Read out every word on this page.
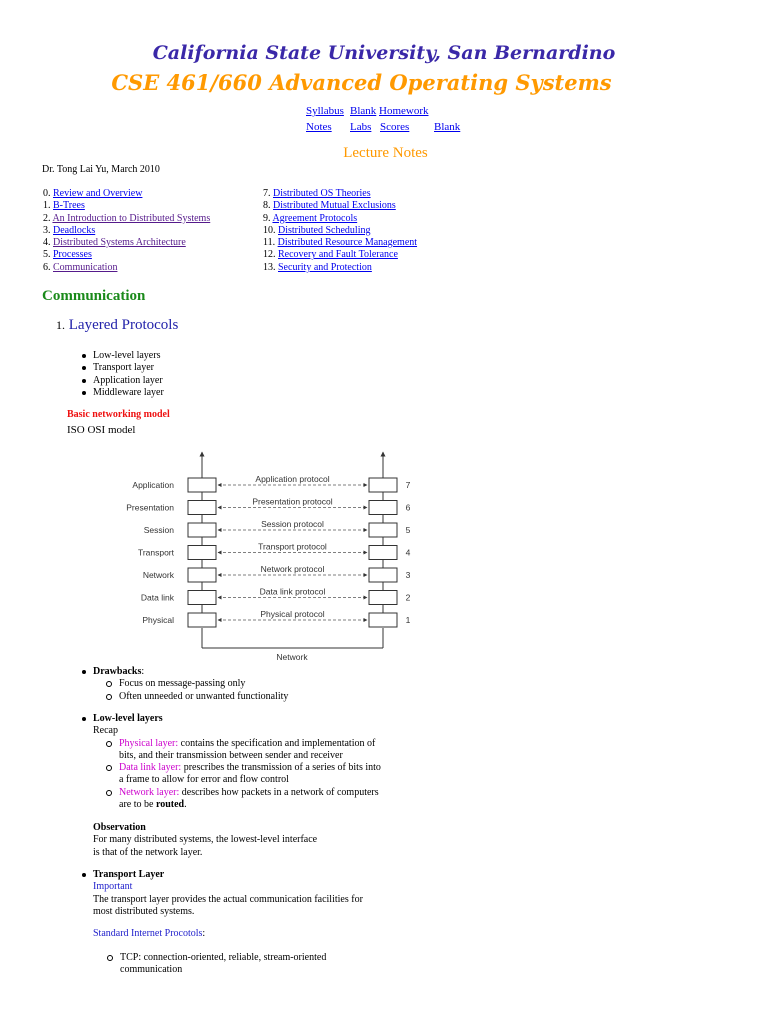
California State University, San Bernardino
CSE 461/660 Advanced Operating Systems
Syllabus Blank Homework
Notes Labs Scores Blank
Lecture Notes
Dr. Tong Lai Yu, March 2010
0. Review and Overview
1. B-Trees
2. An Introduction to Distributed Systems
3. Deadlocks
4. Distributed Systems Architecture
5. Processes
6. Communication
7. Distributed OS Theories
8. Distributed Mutual Exclusions
9. Agreement Protocols
10. Distributed Scheduling
11. Distributed Resource Management
12. Recovery and Fault Tolerance
13. Security and Protection
Communication
1. Layered Protocols
Low-level layers
Transport layer
Application layer
Middleware layer
Basic networking model
ISO OSI model
Application
Application protocol
7
Presentation
Presentation protocol
6
Session
Session protocol
5
Transport
Transport protocol
4
Network
Network protocol
3
Data link
Data link protocol
2
Physical
Physical protocol
1
Network
Drawbacks:
Focus on message-passing only
Often unneeded or unwanted functionality
Low-level layers
Recap
Physical layer: contains the specification and implementation of
bits, and their transmission between sender and receiver
Data link layer: prescribes the transmission of a series of bits into
a frame to allow for error and flow control
Network layer: describes how packets in a network of computers
are to be routed.
Observation
For many distributed systems, the lowest-level interface
is that of the network layer.
Transport Layer
Important
The transport layer provides the actual communication facilities for
most distributed systems.
Standard Internet Procotols:
TCP: connection-oriented, reliable, stream-oriented
communication
